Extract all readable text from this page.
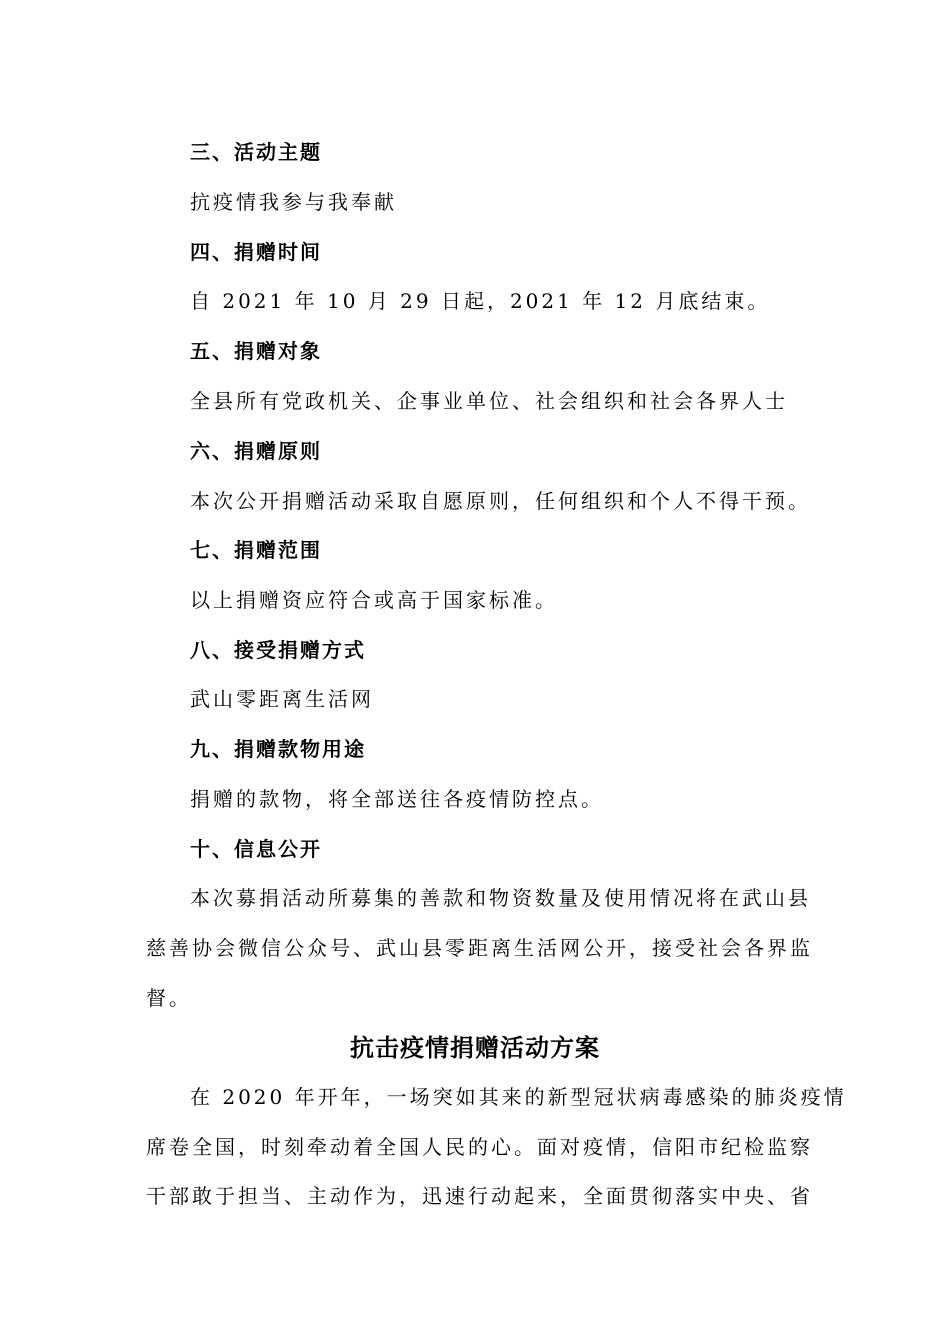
三、活动主题
抗疫情我参与我奉献
四、捐赠时间
自 2021 年 10 月 29 日起，2021 年 12 月底结束。
五、捐赠对象
全县所有党政机关、企事业单位、社会组织和社会各界人士
六、捐赠原则
本次公开捐赠活动采取自愿原则，任何组织和个人不得干预。
七、捐赠范围
以上捐赠资应符合或高于国家标准。
八、接受捐赠方式
武山零距离生活网
九、捐赠款物用途
捐赠的款物，将全部送往各疫情防控点。
十、信息公开
本次募捐活动所募集的善款和物资数量及使用情况将在武山县
慈善协会微信公众号、武山县零距离生活网公开，接受社会各界监
督。
抗击疫情捐赠活动方案
在 2020 年开年，一场突如其来的新型冠状病毒感染的肺炎疫情
席卷全国，时刻牵动着全国人民的心。面对疫情，信阳市纪检监察
干部敢于担当、主动作为，迅速行动起来，全面贯彻落实中央、省
